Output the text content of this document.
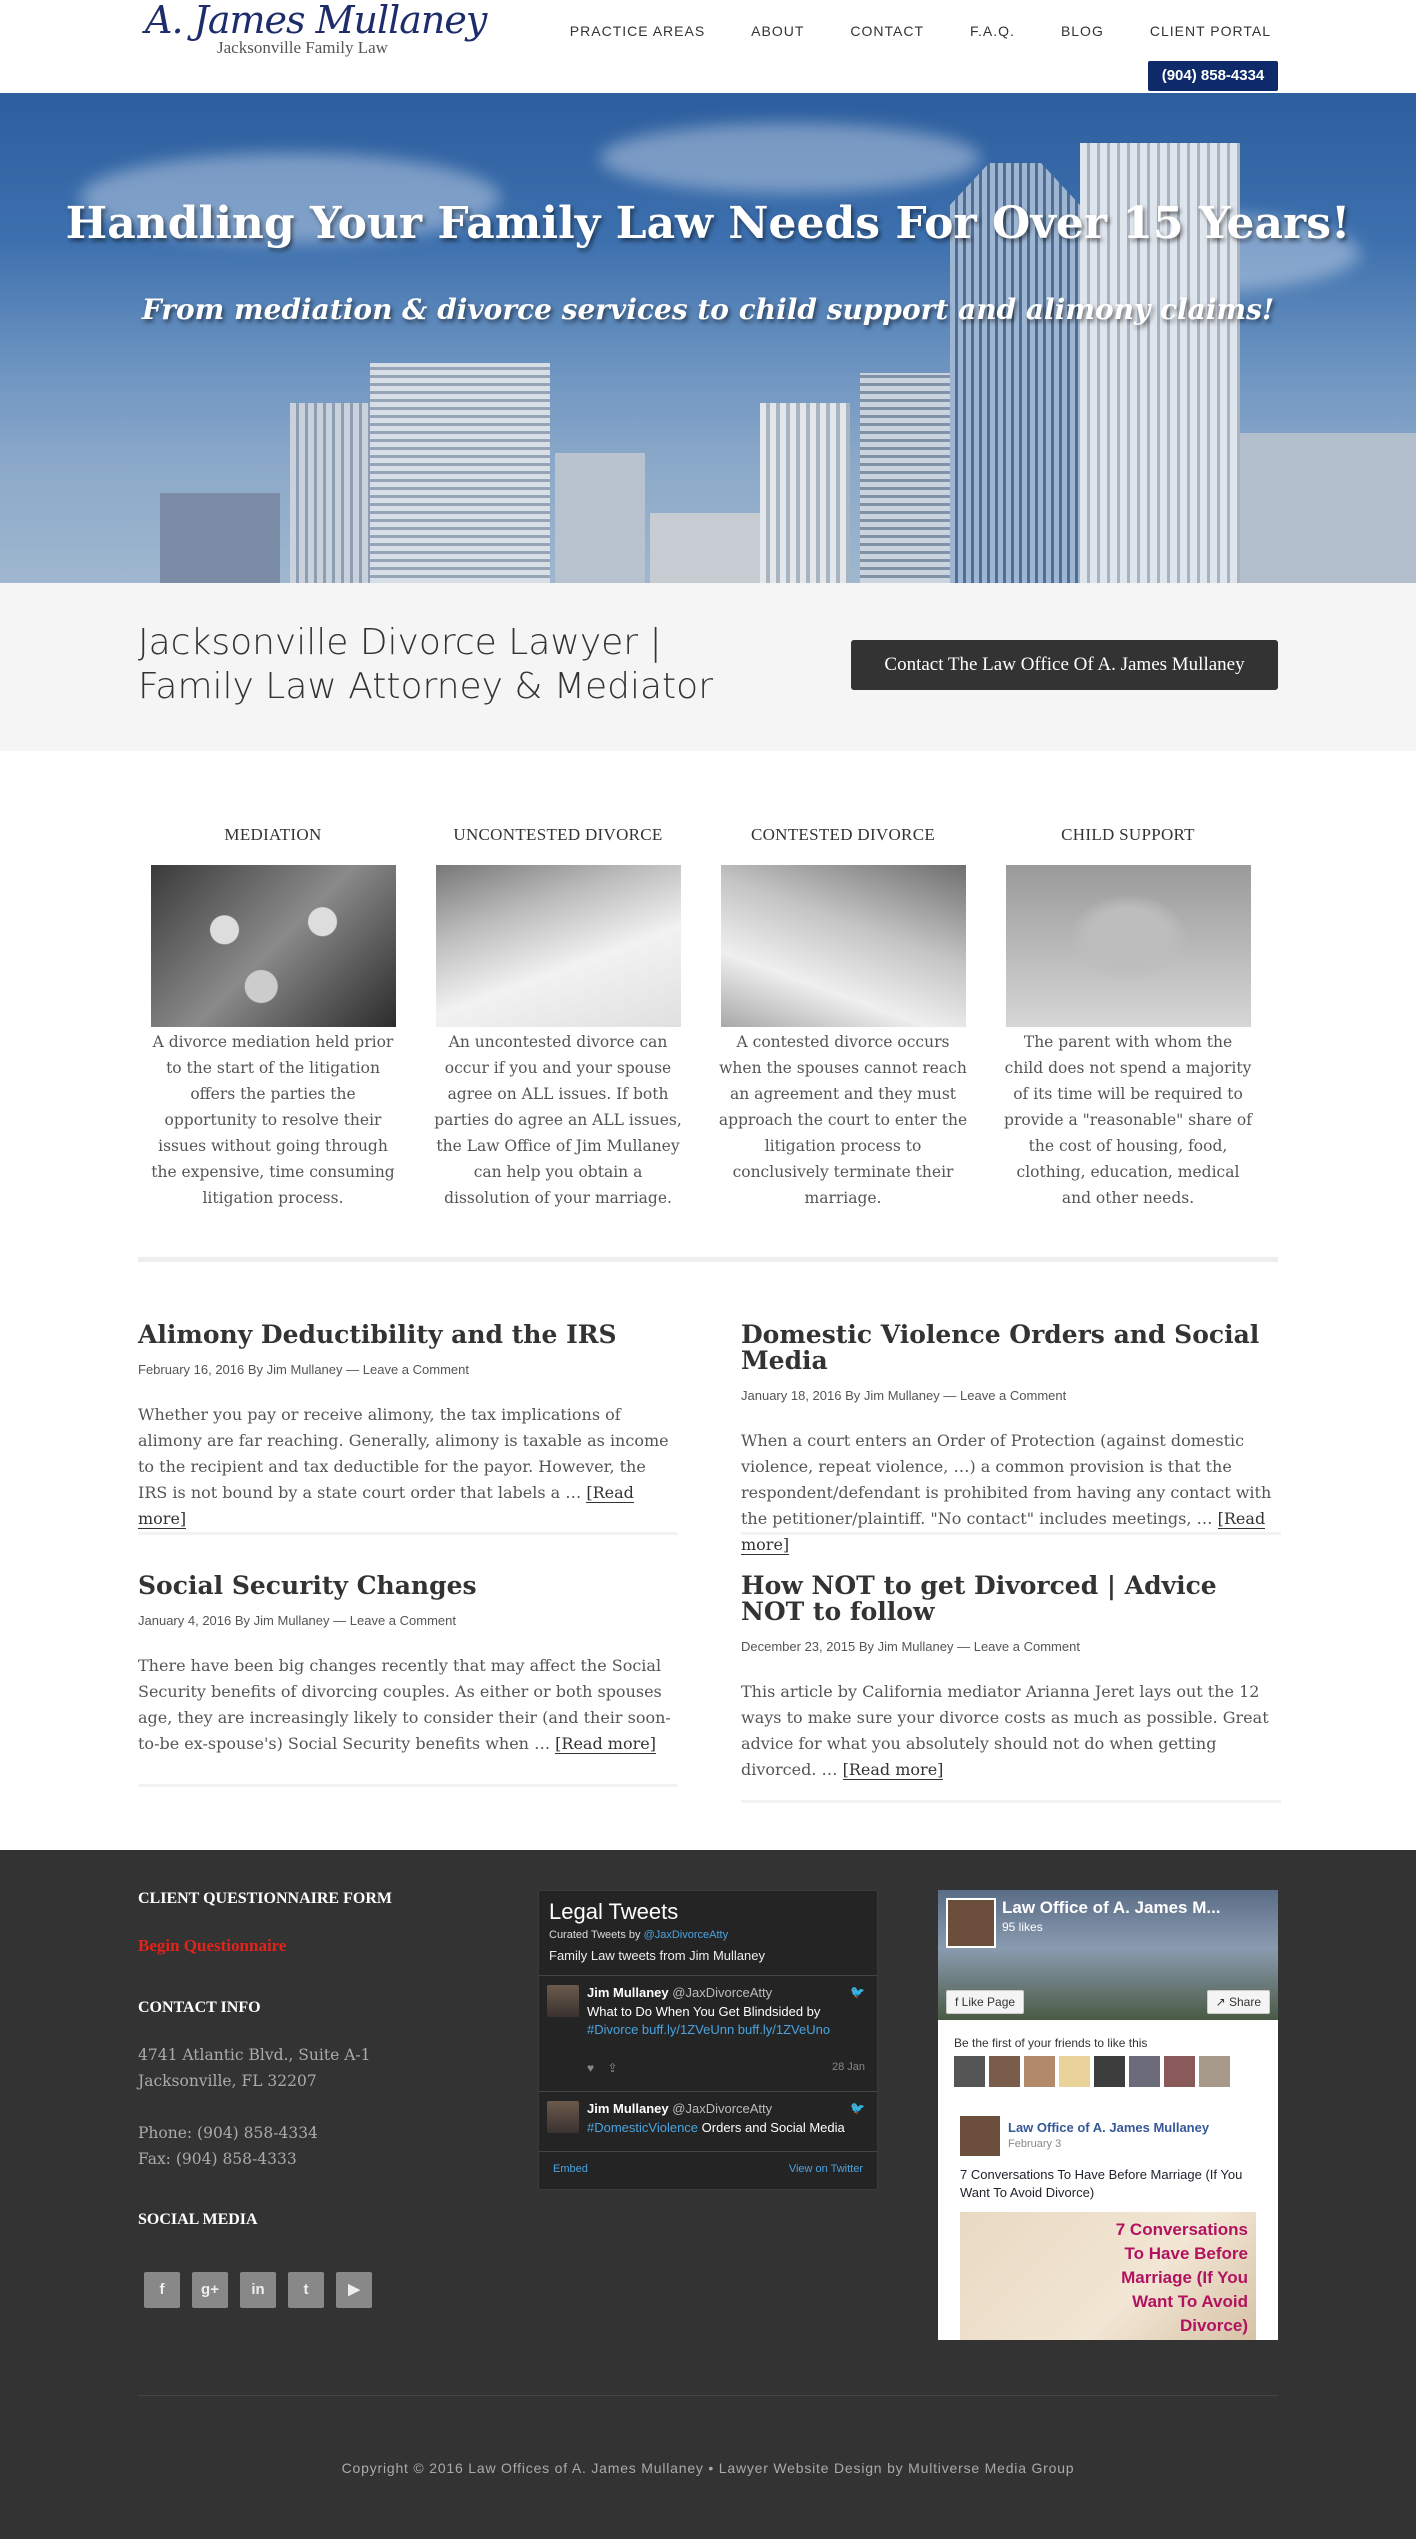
A. James Mullaney
Jacksonville Family Law
PRACTICE AREAS	ABOUT	CONTACT	F.A.Q.	BLOG	CLIENT PORTAL
(904) 858-4334
Handling Your Family Law Needs For Over 15 Years!
From mediation & divorce services to child support and alimony claims!
Jacksonville Divorce Lawyer | Family Law Attorney & Mediator
Contact The Law Office Of A. James Mullaney
MEDIATION
A divorce mediation held prior to the start of the litigation offers the parties the opportunity to resolve their issues without going through the expensive, time consuming litigation process.
UNCONTESTED DIVORCE
An uncontested divorce can occur if you and your spouse agree on ALL issues. If both parties do agree an ALL issues, the Law Office of Jim Mullaney can help you obtain a dissolution of your marriage.
CONTESTED DIVORCE
A contested divorce occurs when the spouses cannot reach an agreement and they must approach the court to enter the litigation process to conclusively terminate their marriage.
CHILD SUPPORT
The parent with whom the child does not spend a majority of its time will be required to provide a "reasonable" share of the cost of housing, food, clothing, education, medical and other needs.
Alimony Deductibility and the IRS
February 16, 2016 By Jim Mullaney — Leave a Comment

Whether you pay or receive alimony, the tax implications of alimony are far reaching. Generally, alimony is taxable as income to the recipient and tax deductible for the payor. However, the IRS is not bound by a state court order that labels a … [Read more]

Domestic Violence Orders and Social Media
January 18, 2016 By Jim Mullaney — Leave a Comment

When a court enters an Order of Protection (against domestic violence, repeat violence, …) a common provision is that the respondent/defendant is prohibited from having any contact with the petitioner/plaintiff. "No contact" includes meetings, … [Read more]

Social Security Changes
January 4, 2016 By Jim Mullaney — Leave a Comment

There have been big changes recently that may affect the Social Security benefits of divorcing couples. As either or both spouses age, they are increasingly likely to consider their (and their soon-to-be ex-spouse's) Social Security benefits when … [Read more]

How NOT to get Divorced | Advice NOT to follow
December 23, 2015 By Jim Mullaney — Leave a Comment

This article by California mediator Arianna Jeret lays out the 12 ways to make sure your divorce costs as much as possible. Great advice for what you absolutely should not do when getting divorced. … [Read more]

CLIENT QUESTIONNAIRE FORM
Begin Questionnaire
CONTACT INFO
4741 Atlantic Blvd., Suite A-1
Jacksonville, FL 32207
Phone: (904) 858-4334
Fax: (904) 858-4333
SOCIAL MEDIA
f	g+	in	t	▶
Legal Tweets
Curated Tweets by @JaxDivorceAtty
Family Law tweets from Jim Mullaney
Jim Mullaney @JaxDivorceAtty	🐦
What to Do When You Get Blindsided by #Divorce buff.ly/1ZVeUnn buff.ly/1ZVeUno
♥ ⇪	28 Jan
Jim Mullaney @JaxDivorceAtty	🐦
#DomesticViolence Orders and Social Media
Embed	View on Twitter
Law Office of A. James M...
95 likes
f Like Page	↗ Share
Be the first of your friends to like this
Law Office of A. James Mullaney
February 3
7 Conversations To Have Before Marriage (If You Want To Avoid Divorce)
7 Conversations To Have Before Marriage (If You Want To Avoid Divorce)
Copyright © 2016 Law Offices of A. James Mullaney • Lawyer Website Design by Multiverse Media Group
